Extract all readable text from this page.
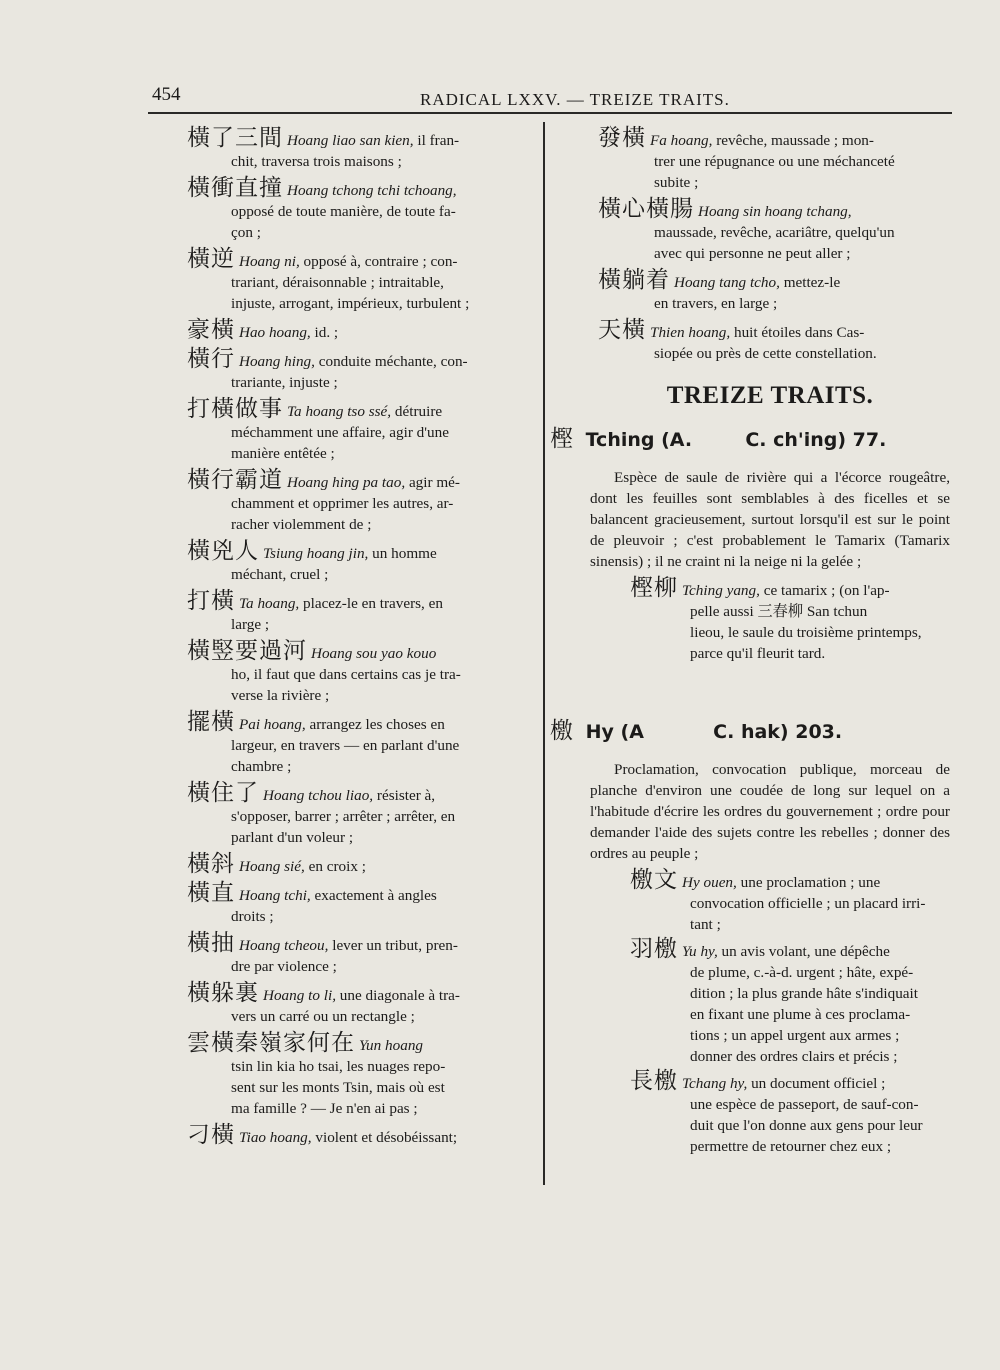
454	RADICAL LXXV. — TREIZE TRAITS.
橫了三間 Hoang liao san kien, il fran-
chit, traversa trois maisons ;
橫衝直撞 Hoang tchong tchi tchoang,
opposé de toute manière, de toute fa-
çon ;
橫逆 Hoang ni, opposé à, contraire ; con-
trariant, déraisonnable ; intraitable,
injuste, arrogant, impérieux, turbulent ;
豪橫 Hao hoang, id. ;
橫行 Hoang hing, conduite méchante, con-
trariante, injuste ;
打橫做事 Ta hoang tso ssé, détruire
méchamment une affaire, agir d'une
manière entêtée ;
橫行霸道 Hoang hing pa tao, agir mé-
chamment et opprimer les autres, ar-
racher violemment de ;
橫兇人 Tsiung hoang jin, un homme
méchant, cruel ;
打橫 Ta hoang, placez-le en travers, en
large ;
橫竪要過河 Hoang sou yao kouo
ho, il faut que dans certains cas je tra-
verse la rivière ;
擺橫 Pai hoang, arrangez les choses en
largeur, en travers — en parlant d'une
chambre ;
橫住了 Hoang tchou liao, résister à,
s'opposer, barrer ; arrêter ; arrêter, en
parlant d'un voleur ;
橫斜 Hoang sié, en croix ;
橫直 Hoang tchi, exactement à angles
droits ;
橫抽 Hoang tcheou, lever un tribut, pren-
dre par violence ;
橫躲裏 Hoang to li, une diagonale à tra-
vers un carré ou un rectangle ;
雲橫秦嶺家何在 Yun hoang
tsin lin kia ho tsai, les nuages repo-
sent sur les monts Tsin, mais où est
ma famille ? — Je n'en ai pas ;
刁橫 Tiao hoang, violent et désobéissant;
發橫 Fa hoang, revêche, maussade ; mon-
trer une répugnance ou une méchanceté
subite ;
橫心橫腸 Hoang sin hoang tchang,
maussade, revêche, acariâtre, quelqu'un
avec qui personne ne peut aller ;
橫躺着 Hoang tang tcho, mettez-le
en travers, en large ;
天橫 Thien hoang, huit étoiles dans Cas-
siopée ou près de cette constellation.
TREIZE TRAITS.
樫 Tching (A.	C. ch'ing) 77.
Espèce de saule de rivière qui a l'écorce rougeâtre, dont les feuilles sont semblables à des ficelles et se balancent gracieusement, surtout lorsqu'il est sur le point de pleuvoir ; c'est probablement le Tamarix (Tamarix sinensis) ; il ne craint ni la neige ni la gelée ;
樫柳 Tching yang, ce tamarix ; (on l'ap-
pelle aussi 三春柳 San tchun
lieou, le saule du troisième printemps,
parce qu'il fleurit tard.
檄 Hy (A	C. hak) 203.
Proclamation, convocation publique, morceau de planche d'environ une coudée de long sur lequel on a l'habitude d'écrire les ordres du gouvernement ; ordre pour demander l'aide des sujets contre les rebelles ; donner des ordres au peuple ;
檄文 Hy ouen, une proclamation ; une
convocation officielle ; un placard irri-
tant ;
羽檄 Yu hy, un avis volant, une dépêche
de plume, c.-à-d. urgent ; hâte, expé-
dition ; la plus grande hâte s'indiquait
en fixant une plume à ces proclama-
tions ; un appel urgent aux armes ;
donner des ordres clairs et précis ;
長檄 Tchang hy, un document officiel ;
une espèce de passeport, de sauf-con-
duit que l'on donne aux gens pour leur
permettre de retourner chez eux ;
